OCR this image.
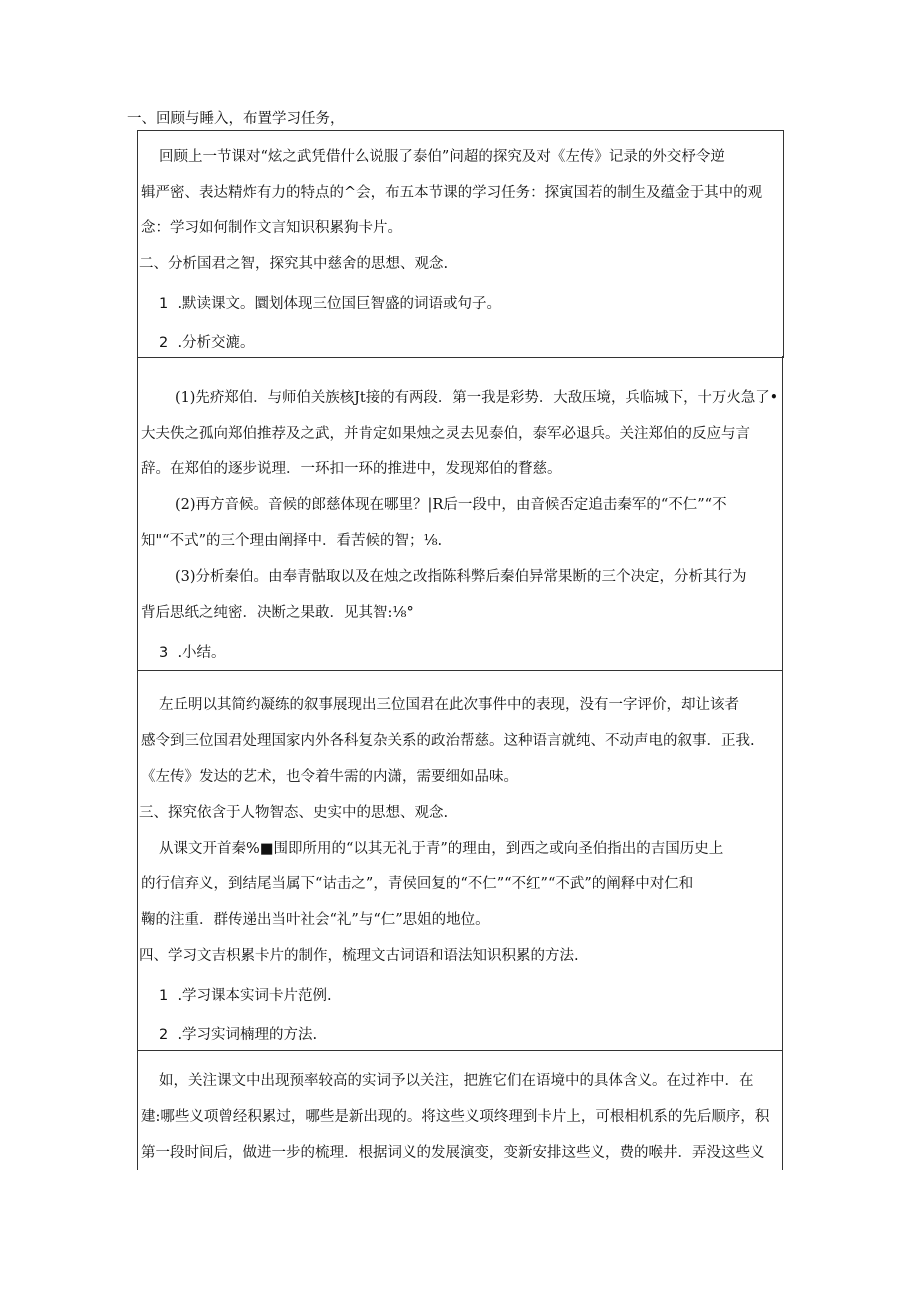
一、回顾与睡入，布置学习任务，
回顾上一节课对“炫之武凭借什么说服了泰伯”问超的探究及对《左传》记录的外交杼令逆
辑严密、表达精炸有力的特点的^会，布五本节课的学习任务：探寅国若的制生及蕴金于其中的观
念：学习如何制作文言知识积累狗卡片。
二、分析国君之智，探究其中慈舍的思想、观念.
1 .默读课文。圜划体现三位国巨智盛的词语或句子。
2 .分析交漉。
(1)先疥郑伯．与师伯关族核Jt接的有两段．第一我是彩势．大敌压境，兵临城下，十万火急了•
大夫佚之孤向郑伯推荐及之武，并肯定如果烛之灵去见泰伯，泰军必退兵。关注郑伯的反应与言
辞。在郑伯的逐步说理．一环扣一环的推进中，发现郑伯的瞀慈。
(2)再方音候。音候的郎慈体现在哪里？|R后一段中，由音候否定追击秦军的“不仁”“不
知"“不式”的三个理由阐择中．看苦候的智；⅛.
(3)分析秦伯。由奉青骷取以及在烛之改指陈科弊后秦伯异常果断的三个决定，分析其行为
背后思纸之纯密．决断之果敢．见其智:⅛°
3 .小结。
左丘明以其简约凝练的叙事展现出三位国君在此次事件中的表现，没有一字评价，却让该者
感令到三位国君处理国家内外各科复杂关系的政治帮慈。这种语言就纯、不动声电的叙事．正我.
《左传》发达的艺术，也令着牛需的内潇，需要细如品味。
三、探究依含于人物智态、史实中的思想、观念.
从课文开首秦%■围即所用的“以其无礼于青”的理由，到西之或向圣伯指出的吉国历史上
的行信弃义，到结尾当属下“诂击之”，青侯回复的“不仁”“不红”“不武”的阐释中对仁和
鞠的注重．群传递出当叶社会“礼”与“仁”思姐的地位。
四、学习文吉枳累卡片的制作，梳理文古词语和语法知识积累的方法.
1 .学习课本实词卡片范例.
2 .学习实词楠理的方法.
如，关注课文中出现预率较高的实词予以关注，把旌它们在语境中的具体含义。在过祚中．在
建:哪些义项曾经积累过，哪些是新出现的。将这些义项终理到卡片上，可根相机系的先后顺序，积
第一段时间后，做进一步的梳理．根据词义的发展演变，变新安排这些义，费的喉井．弄没这些义
